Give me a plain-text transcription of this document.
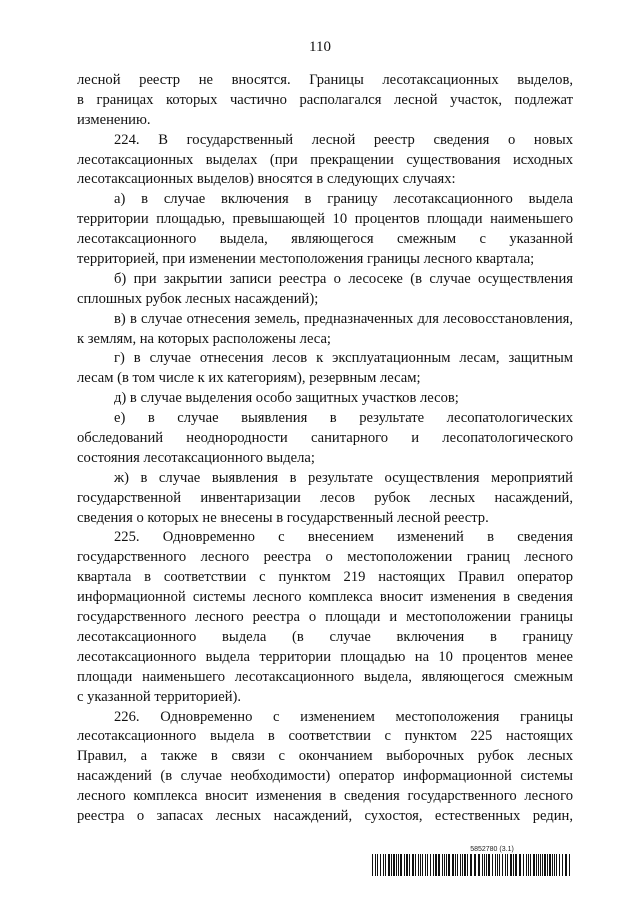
110
лесной реестр не вносятся. Границы лесотаксационных выделов,
в границах которых частично располагался лесной участок, подлежат
изменению.
224. В государственный лесной реестр сведения о новых
лесотаксационных выделах (при прекращении существования исходных
лесотаксационных выделов) вносятся в следующих случаях:
а) в случае включения в границу лесотаксационного выдела
территории площадью, превышающей 10 процентов площади наименьшего
лесотаксационного выдела, являющегося смежным с указанной
территорией, при изменении местоположения границы лесного квартала;
б) при закрытии записи реестра о лесосеке (в случае осуществления
сплошных рубок лесных насаждений);
в) в случае отнесения земель, предназначенных для лесовосстановления,
к землям, на которых расположены леса;
г) в случае отнесения лесов к эксплуатационным лесам, защитным
лесам (в том числе к их категориям), резервным лесам;
д) в случае выделения особо защитных участков лесов;
е) в случае выявления в результате лесопатологических
обследований неоднородности санитарного и лесопатологического
состояния лесотаксационного выдела;
ж) в случае выявления в результате осуществления мероприятий
государственной инвентаризации лесов рубок лесных насаждений,
сведения о которых не внесены в государственный лесной реестр.
225. Одновременно с внесением изменений в сведения
государственного лесного реестра о местоположении границ лесного
квартала в соответствии с пунктом 219 настоящих Правил оператор
информационной системы лесного комплекса вносит изменения в сведения
государственного лесного реестра о площади и местоположении границы
лесотаксационного выдела (в случае включения в границу
лесотаксационного выдела территории площадью на 10 процентов менее
площади наименьшего лесотаксационного выдела, являющегося смежным
с указанной территорией).
226. Одновременно с изменением местоположения границы
лесотаксационного выдела в соответствии с пунктом 225 настоящих
Правил, а также в связи с окончанием выборочных рубок лесных
насаждений (в случае необходимости) оператор информационной системы
лесного комплекса вносит изменения в сведения государственного лесного
реестра о запасах лесных насаждений, сухостоя, естественных редин,
5852780 (3.1)
